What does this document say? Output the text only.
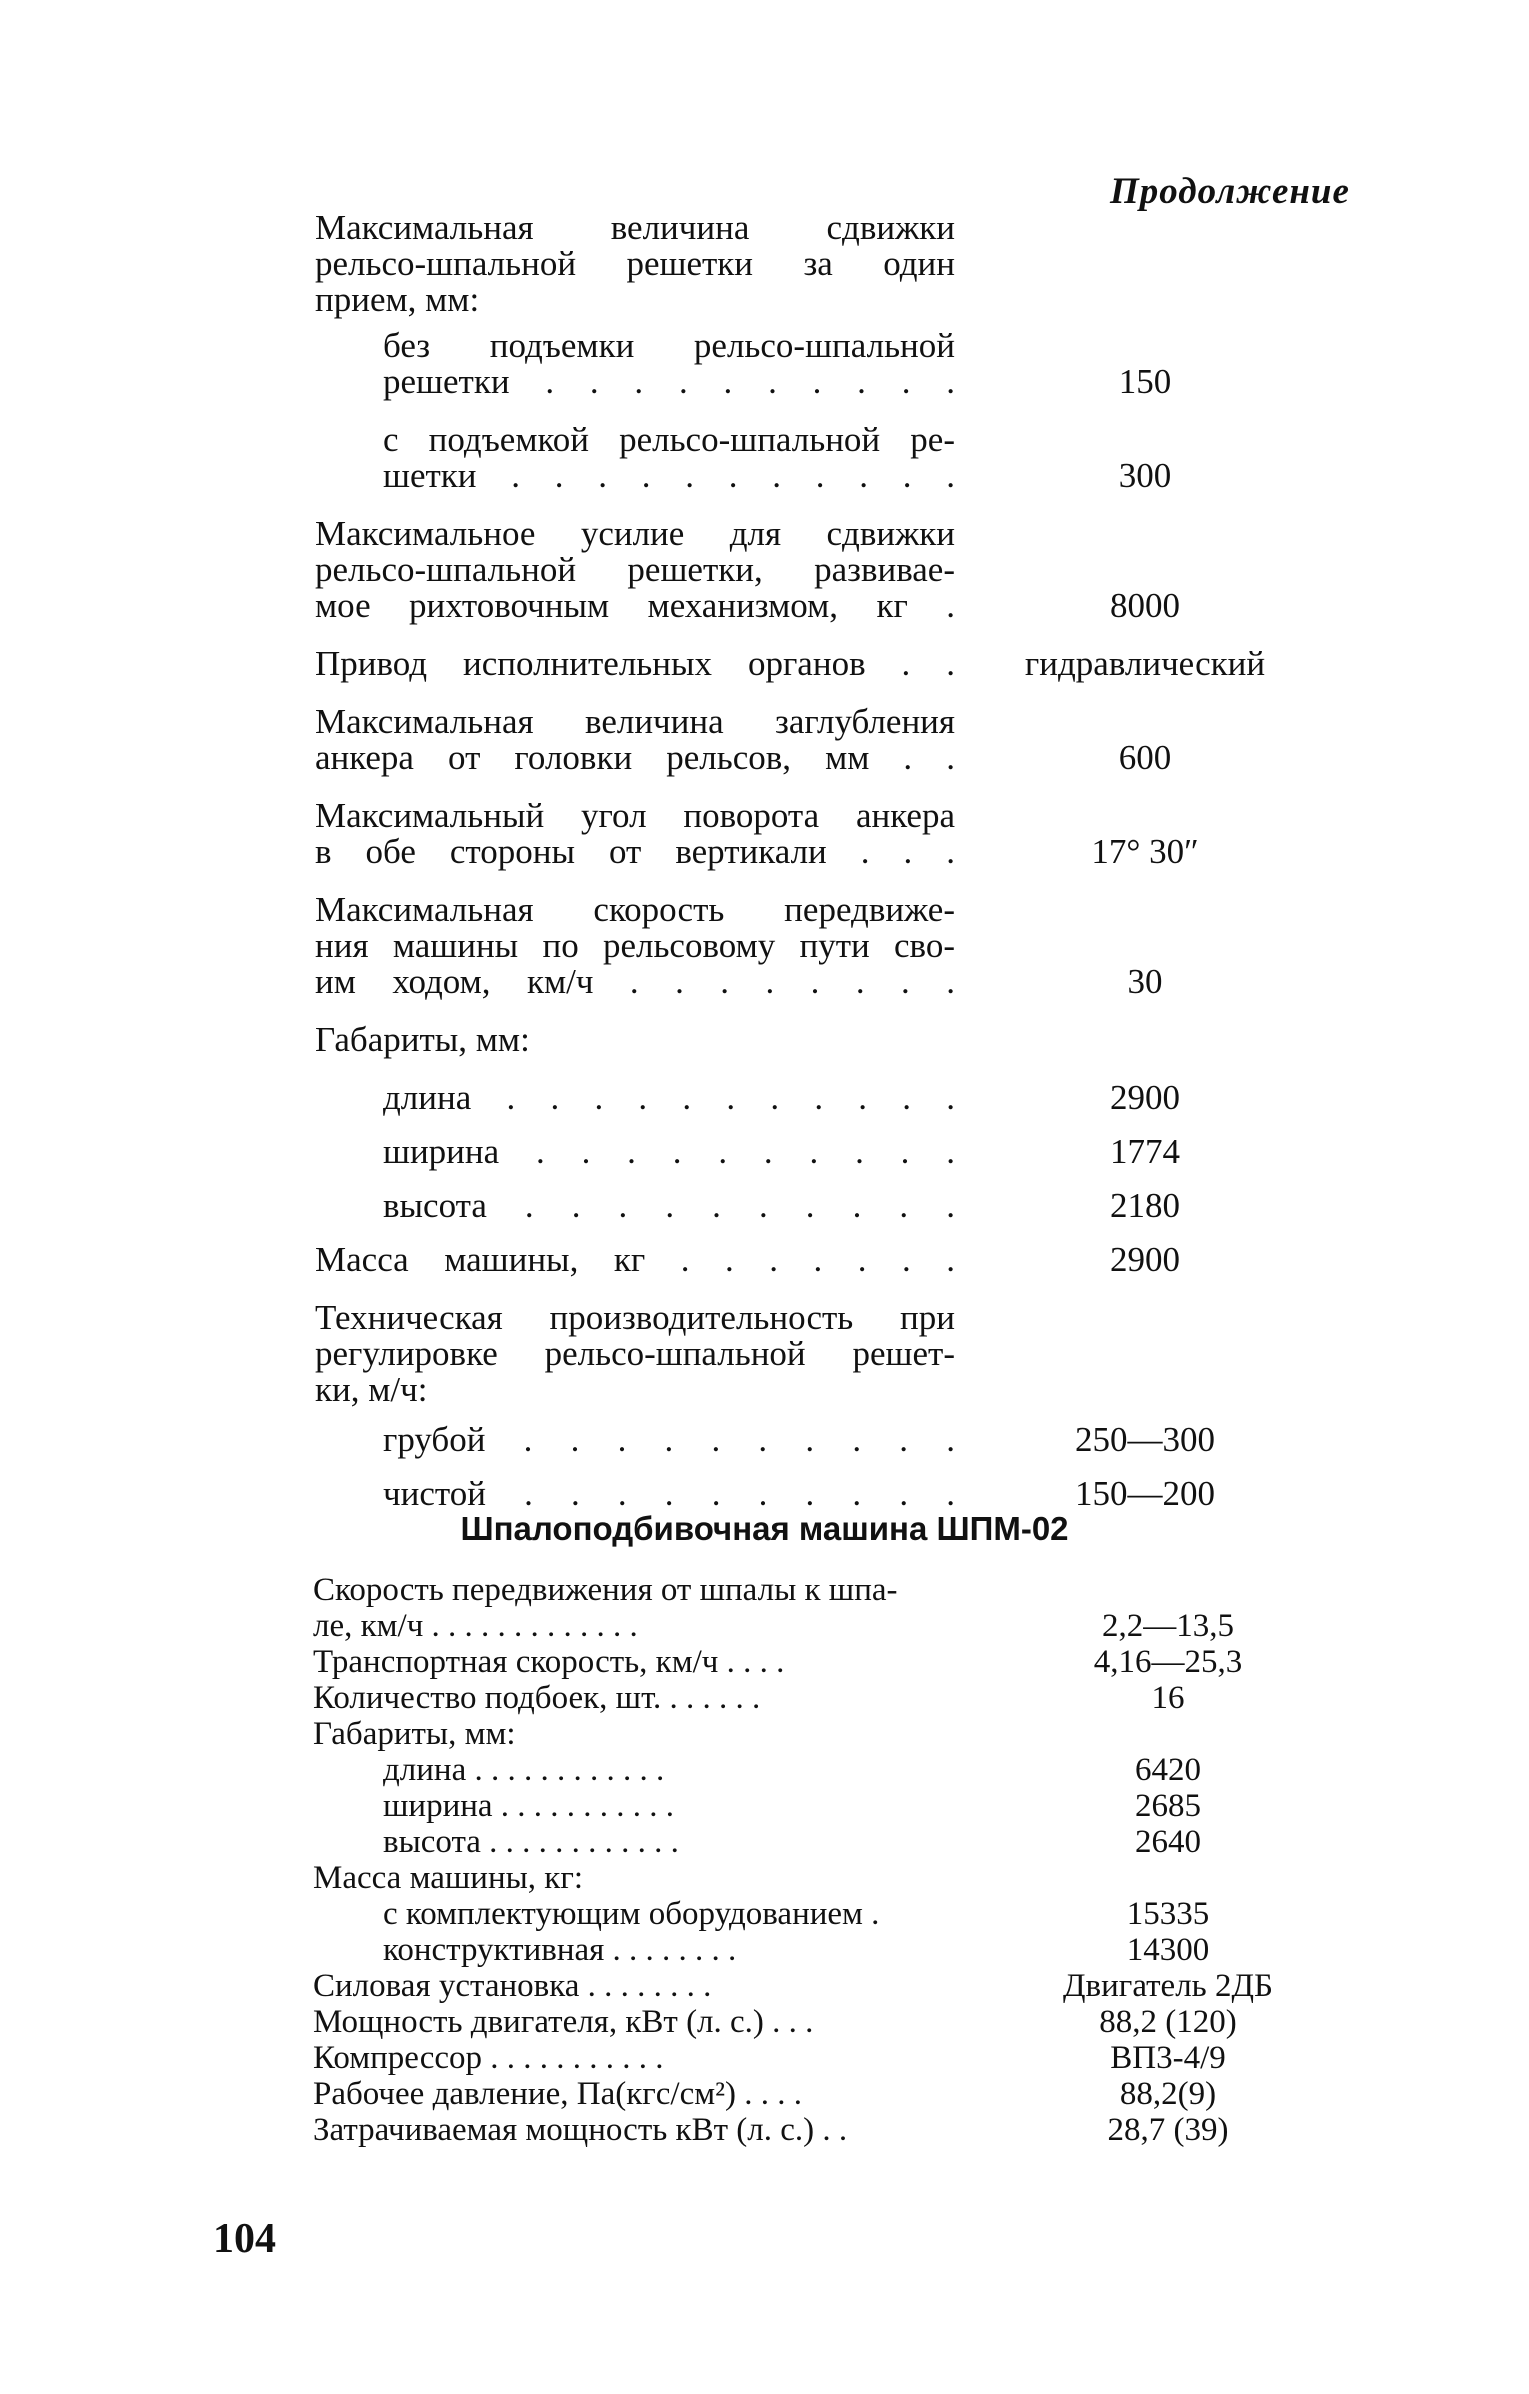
Продолжение
Максимальная величина сдвижки
рельсо-шпальной решетки за один
прием, мм:
без подъемки рельсо-шпальной
решетки . . . . . . . . . .	150
с подъемкой рельсо-шпальной ре-
шетки . . . . . . . . . . .	300
Максимальное усилие для сдвижки
рельсо-шпальной решетки, развивае-
мое рихтовочным механизмом, кг .	8000
Привод исполнительных органов . .	гидравлический
Максимальная величина заглубления
анкера от головки рельсов, мм . .	600
Максимальный угол поворота анкера
в обе стороны от вертикали . . .	17° 30″
Максимальная скорость передвиже-
ния машины по рельсовому пути сво-
им ходом, км/ч . . . . . . . .	30
Габариты, мм:
длина . . . . . . . . . . .	2900
ширина . . . . . . . . . .	1774
высота . . . . . . . . . .	2180
Масса машины, кг . . . . . . .	2900
Техническая производительность при
регулировке рельсо-шпальной решет-
ки, м/ч:
грубой . . . . . . . . . .	250—300
чистой . . . . . . . . . .	150—200
Шпалоподбивочная машина ШПМ-02
Скорость передвижения от шпалы к шпа-
ле, км/ч . . . . . . . . . . . . .	2,2—13,5
Транспортная скорость, км/ч . . . .	4,16—25,3
Количество подбоек, шт. . . . . . .	16
Габариты, мм:
длина . . . . . . . . . . . .	6420
ширина . . . . . . . . . . .	2685
высота . . . . . . . . . . . .	2640
Масса машины, кг:
с комплектующим оборудованием .	15335
конструктивная . . . . . . . .	14300
Силовая установка . . . . . . . .	Двигатель 2ДБ
Мощность двигателя, кВт (л. с.) . . .	88,2 (120)
Компрессор . . . . . . . . . . .	ВП3-4/9
Рабочее давление, Па(кгс/см²) . . . .	88,2(9)
Затрачиваемая мощность кВт (л. с.) . .	28,7 (39)
104
